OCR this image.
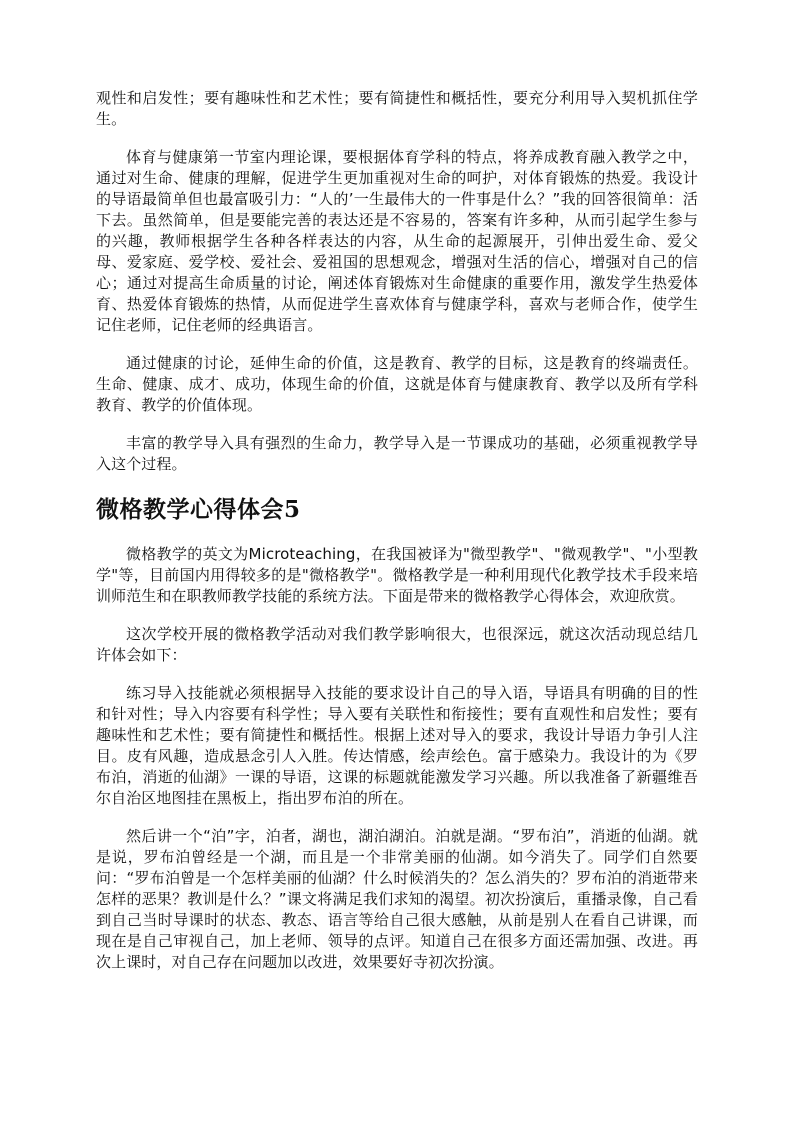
观性和启发性；要有趣味性和艺术性；要有简捷性和概括性，要充分利用导入契机抓住学生。

体育与健康第一节室内理论课，要根据体育学科的特点，将养成教育融入教学之中，通过对生命、健康的理解，促进学生更加重视对生命的呵护，对体育锻炼的热爱。我设计的导语最简单但也最富吸引力：“人的’一生最伟大的一件事是什么？”我的回答很简单：活下去。虽然简单，但是要能完善的表达还是不容易的，答案有许多种，从而引起学生参与的兴趣，教师根据学生各种各样表达的内容，从生命的起源展开，引伸出爱生命、爱父母、爱家庭、爱学校、爱社会、爱祖国的思想观念，增强对生活的信心，增强对自己的信心；通过对提高生命质量的讨论，阐述体育锻炼对生命健康的重要作用，激发学生热爱体育、热爱体育锻炼的热情，从而促进学生喜欢体育与健康学科，喜欢与老师合作，使学生记住老师，记住老师的经典语言。

通过健康的讨论，延伸生命的价值，这是教育、教学的目标，这是教育的终端责任。生命、健康、成才、成功，体现生命的价值，这就是体育与健康教育、教学以及所有学科教育、教学的价值体现。

丰富的教学导入具有强烈的生命力，教学导入是一节课成功的基础，必须重视教学导入这个过程。

微格教学心得体会5

微格教学的英文为Microteaching，在我国被译为"微型教学"、"微观教学"、"小型教学"等，目前国内用得较多的是"微格教学"。微格教学是一种利用现代化教学技术手段来培训师范生和在职教师教学技能的系统方法。下面是带来的微格教学心得体会，欢迎欣赏。

这次学校开展的微格教学活动对我们教学影响很大，也很深远，就这次活动现总结几许体会如下：

练习导入技能就必须根据导入技能的要求设计自己的导入语，导语具有明确的目的性和针对性；导入内容要有科学性；导入要有关联性和衔接性；要有直观性和启发性；要有趣味性和艺术性；要有简捷性和概括性。根据上述对导入的要求，我设计导语力争引人注目。皮有风趣，造成悬念引人入胜。传达情感，绘声绘色。富于感染力。我设计的为《罗布泊，消逝的仙湖》一课的导语，这课的标题就能激发学习兴趣。所以我准备了新疆维吾尔自治区地图挂在黑板上，指出罗布泊的所在。

然后讲一个“泊”字，泊者，湖也，湖泊湖泊。泊就是湖。“罗布泊”，消逝的仙湖。就是说，罗布泊曾经是一个湖，而且是一个非常美丽的仙湖。如今消失了。同学们自然要问：“罗布泊曾是一个怎样美丽的仙湖？什么时候消失的？怎么消失的？罗布泊的消逝带来怎样的恶果？教训是什么？”课文将满足我们求知的渴望。初次扮演后，重播录像，自己看到自己当时导课时的状态、教态、语言等给自己很大感触，从前是别人在看自己讲课，而现在是自己审视自己，加上老师、领导的点评。知道自己在很多方面还需加强、改进。再次上课时，对自己存在问题加以改进，效果要好寺初次扮演。
